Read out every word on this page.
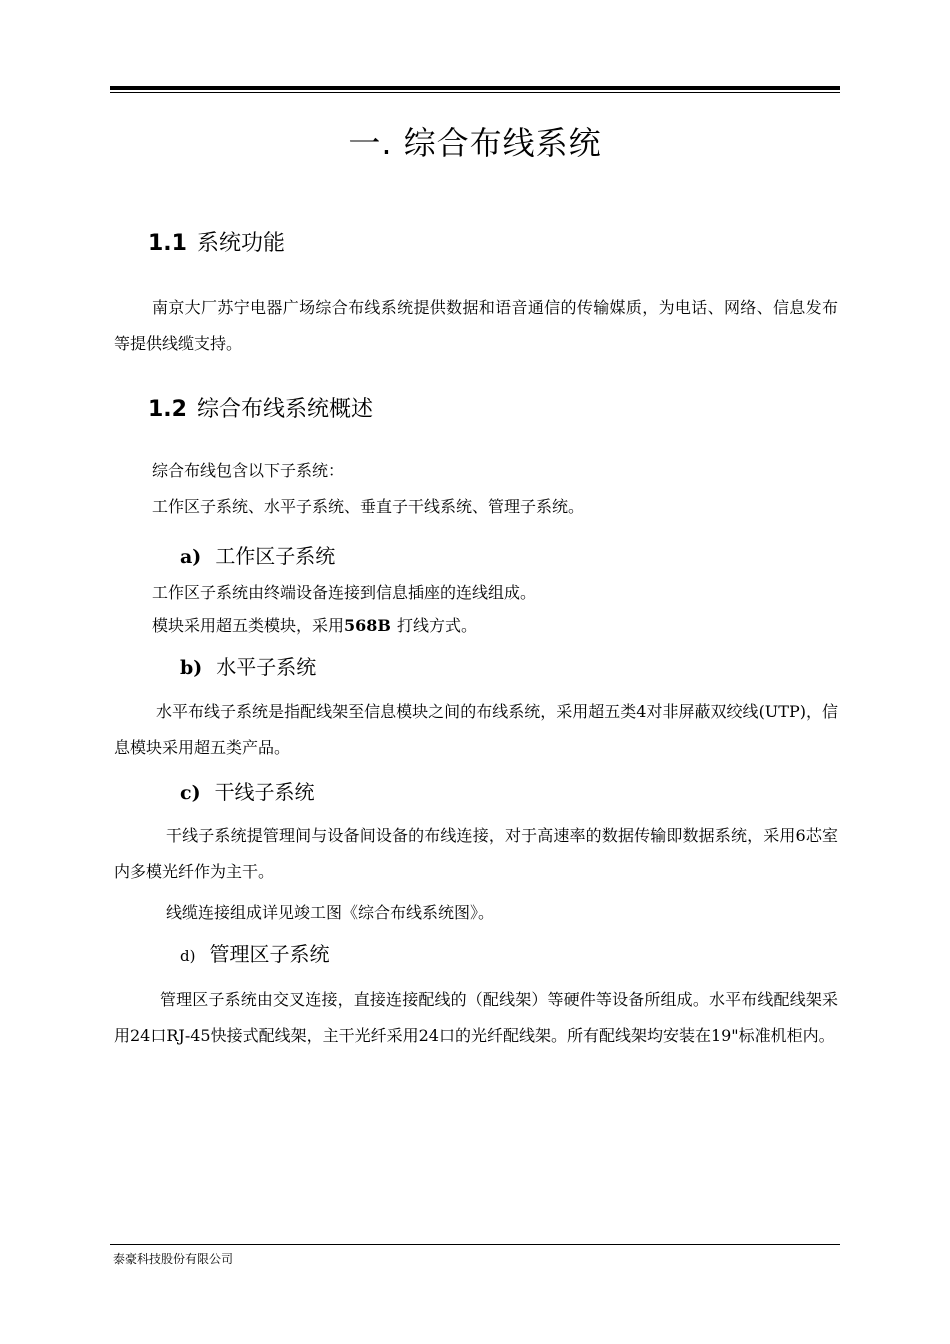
一. 综合布线系统
1.1 系统功能
南京大厂苏宁电器广场综合布线系统提供数据和语音通信的传输媒质，为电话、网络、信息发布等提供线缆支持。
1.2 综合布线系统概述
综合布线包含以下子系统：
工作区子系统、水平子系统、垂直子干线系统、管理子系统。
a) 工作区子系统
工作区子系统由终端设备连接到信息插座的连线组成。
模块采用超五类模块，采用568B 打线方式。
b) 水平子系统
水平布线子系统是指配线架至信息模块之间的布线系统，采用超五类4对非屏蔽双绞线(UTP)，信息模块采用超五类产品。
c) 干线子系统
干线子系统提管理间与设备间设备的布线连接，对于高速率的数据传输即数据系统，采用6芯室内多模光纤作为主干。
线缆连接组成详见竣工图《综合布线系统图》。
d) 管理区子系统
管理区子系统由交叉连接，直接连接配线的（配线架）等硬件等设备所组成。水平布线配线架采用24口RJ-45快接式配线架，主干光纤采用24口的光纤配线架。所有配线架均安装在19"标准机柜内。
泰豪科技股份有限公司
